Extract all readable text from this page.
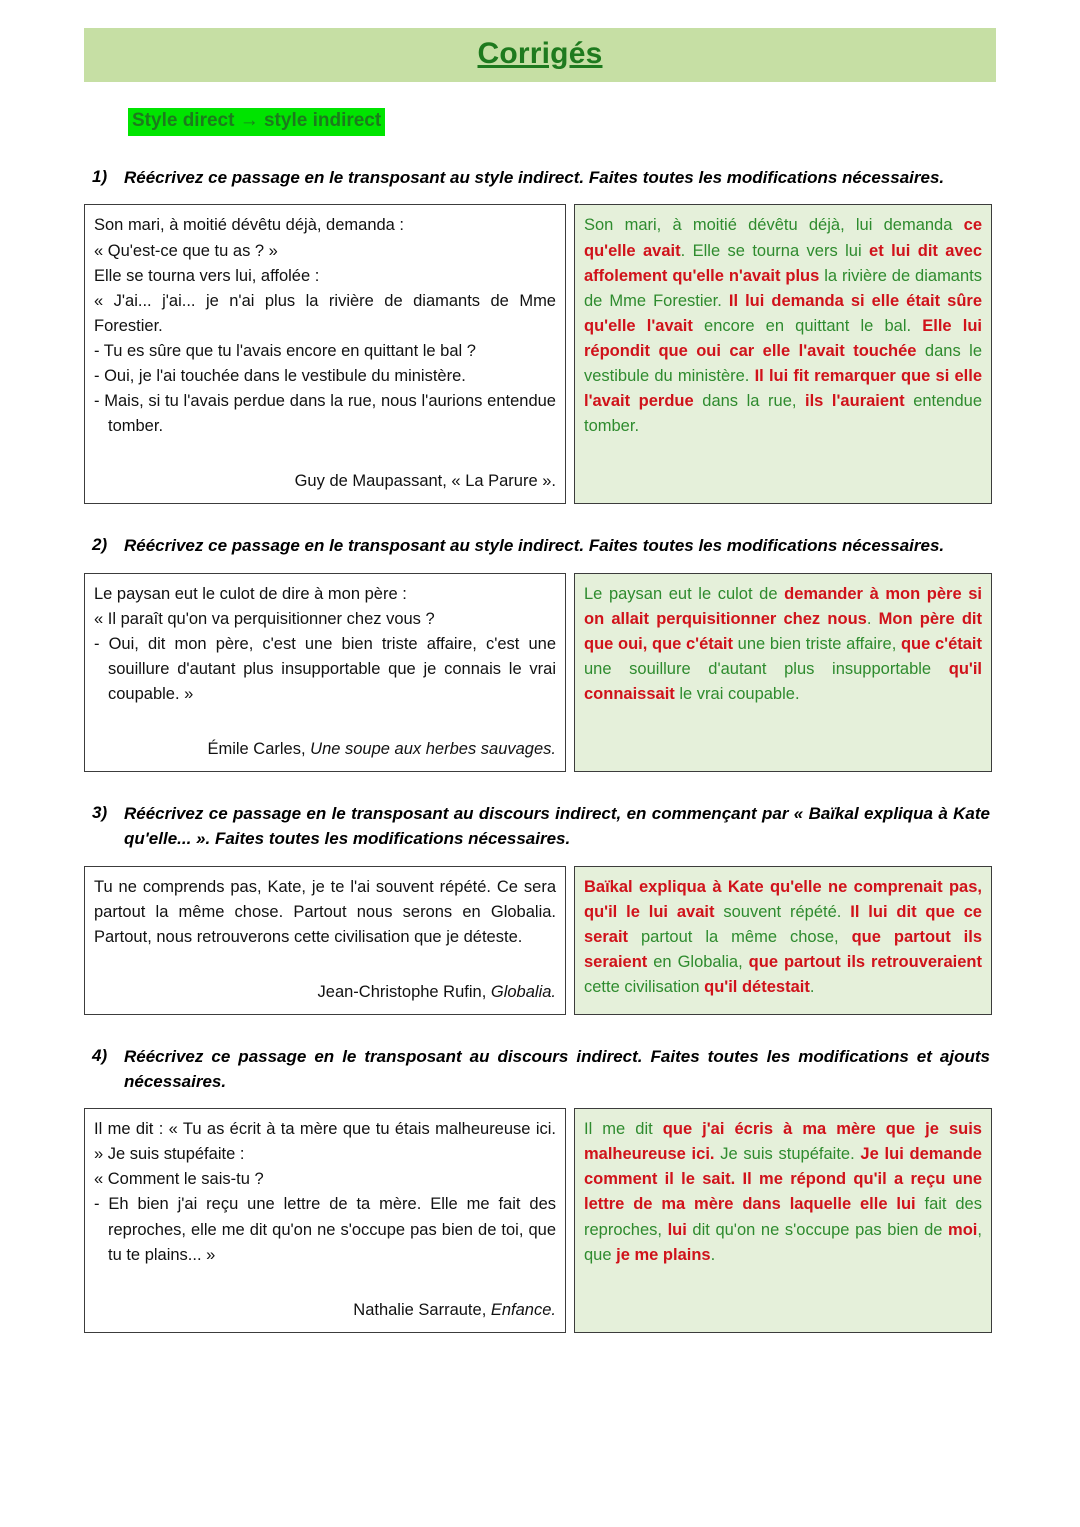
Corrigés
Style direct → style indirect
1) Réécrivez ce passage en le transposant au style indirect. Faites toutes les modifications nécessaires.
Son mari, à moitié dévêtu déjà, demanda :
« Qu'est-ce que tu as ? »
Elle se tourna vers lui, affolée :
« J'ai... j'ai... je n'ai plus la rivière de diamants de Mme Forestier.
- Tu es sûre que tu l'avais encore en quittant le bal ?
- Oui, je l'ai touchée dans le vestibule du ministère.
- Mais, si tu l'avais perdue dans la rue, nous l'aurions entendue tomber.
Guy de Maupassant, « La Parure ».
Son mari, à moitié dévêtu déjà, lui demanda ce qu'elle avait. Elle se tourna vers lui et lui dit avec affolement qu'elle n'avait plus la rivière de diamants de Mme Forestier. Il lui demanda si elle était sûre qu'elle l'avait encore en quittant le bal. Elle lui répondit que oui car elle l'avait touchée dans le vestibule du ministère. Il lui fit remarquer que si elle l'avait perdue dans la rue, ils l'auraient entendue tomber.
2) Réécrivez ce passage en le transposant au style indirect. Faites toutes les modifications nécessaires.
Le paysan eut le culot de dire à mon père :
« Il paraît qu'on va perquisitionner chez vous ?
- Oui, dit mon père, c'est une bien triste affaire, c'est une souillure d'autant plus insupportable que je connais le vrai coupable. »
Émile Carles, Une soupe aux herbes sauvages.
Le paysan eut le culot de demander à mon père si on allait perquisitionner chez nous. Mon père dit que oui, que c'était une bien triste affaire, que c'était une souillure d'autant plus insupportable qu'il connaissait le vrai coupable.
3) Réécrivez ce passage en le transposant au discours indirect, en commençant par « Baïkal expliqua à Kate qu'elle... ». Faites toutes les modifications nécessaires.
Tu ne comprends pas, Kate, je te l'ai souvent répété. Ce sera partout la même chose. Partout nous serons en Globalia. Partout, nous retrouverons cette civilisation que je déteste.
Jean-Christophe Rufin, Globalia.
Baïkal expliqua à Kate qu'elle ne comprenait pas, qu'il le lui avait souvent répété. Il lui dit que ce serait partout la même chose, que partout ils seraient en Globalia, que partout ils retrouveraient cette civilisation qu'il détestait.
4) Réécrivez ce passage en le transposant au discours indirect. Faites toutes les modifications et ajouts nécessaires.
Il me dit : « Tu as écrit à ta mère que tu étais malheureuse ici. » Je suis stupéfaite :
« Comment le sais-tu ?
- Eh bien j'ai reçu une lettre de ta mère. Elle me fait des reproches, elle me dit qu'on ne s'occupe pas bien de toi, que tu te plains... »
Nathalie Sarraute, Enfance.
Il me dit que j'ai écris à ma mère que je suis malheureuse ici. Je suis stupéfaite. Je lui demande comment il le sait. Il me répond qu'il a reçu une lettre de ma mère dans laquelle elle lui fait des reproches, lui dit qu'on ne s'occupe pas bien de moi, que je me plains.
